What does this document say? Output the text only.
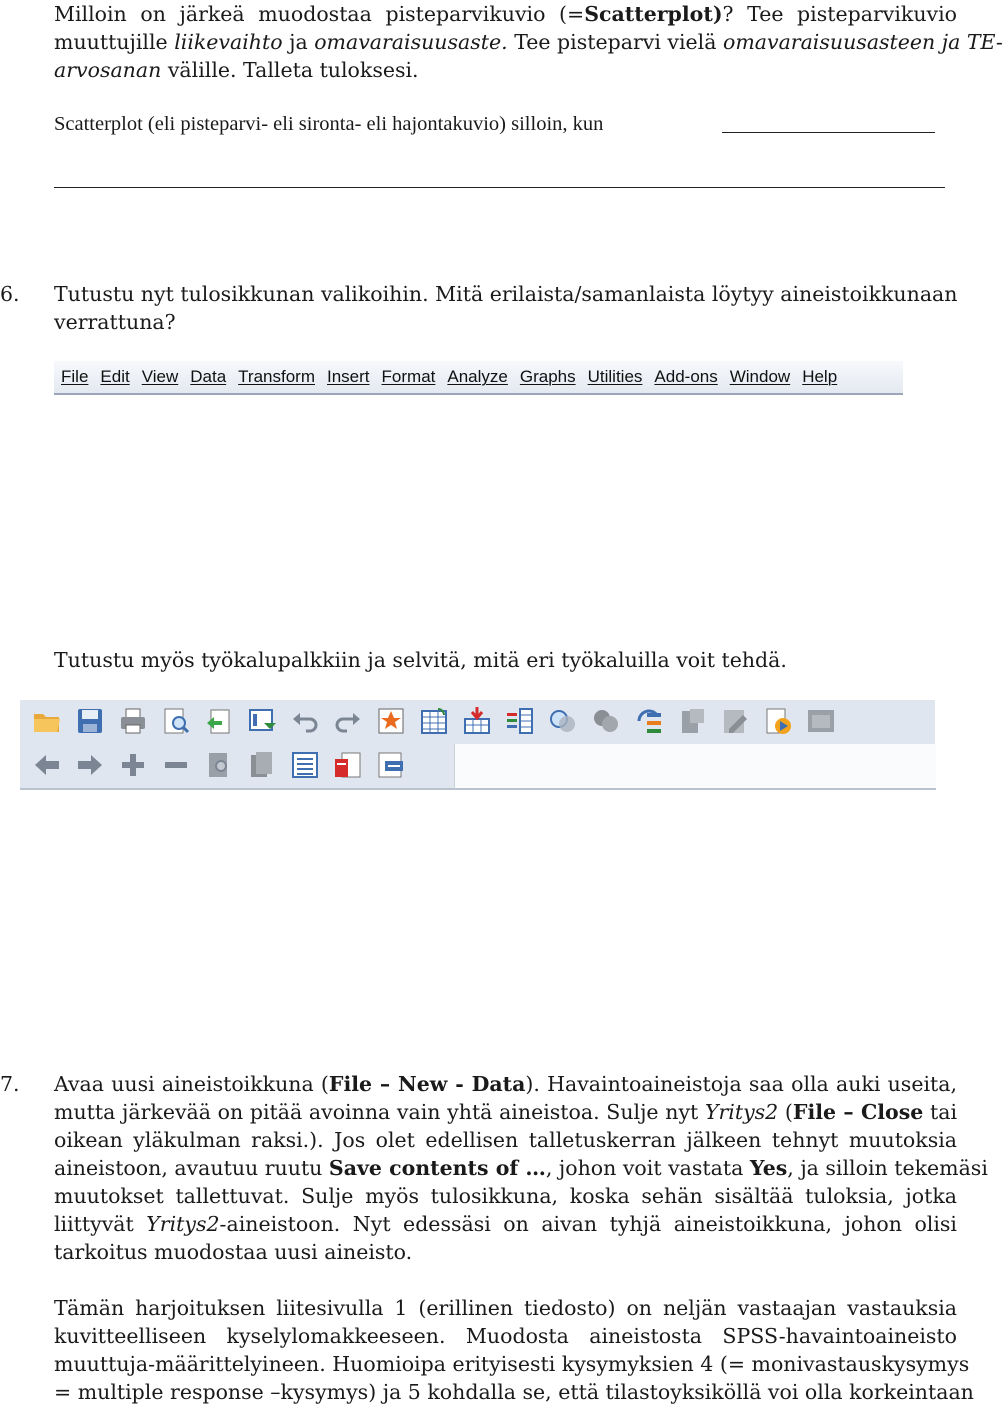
Milloin on järkeä muodostaa pisteparvikuvio (=Scatterplot)? Tee pisteparvikuvio
muuttujille liikevaihto ja omavaraisuusaste. Tee pisteparvi vielä omavaraisuusasteen ja TE-
arvosanan välille. Talleta tuloksesi.
Scatterplot (eli pisteparvi- eli sironta- eli hajontakuvio) silloin, kun
6. Tutustu nyt tulosikkunan valikoihin. Mitä erilaista/samanlaista löytyy aineistoikkunaan
verrattuna?
File Edit View Data Transform Insert Format Analyze Graphs Utilities Add-ons Window Help
Tutustu myös työkalupalkkiin ja selvitä, mitä eri työkaluilla voit tehdä.
7. Avaa uusi aineistoikkuna (File – New - Data). Havaintoaineistoja saa olla auki useita,
mutta järkevää on pitää avoinna vain yhtä aineistoa. Sulje nyt Yritys2 (File – Close tai
oikean yläkulman raksi.). Jos olet edellisen talletuskerran jälkeen tehnyt muutoksia
aineistoon, avautuu ruutu Save contents of …, johon voit vastata Yes, ja silloin tekemäsi
muutokset tallettuvat. Sulje myös tulosikkuna, koska sehän sisältää tuloksia, jotka
liittyvät Yritys2-aineistoon. Nyt edessäsi on aivan tyhjä aineistoikkuna, johon olisi
tarkoitus muodostaa uusi aineisto.
Tämän harjoituksen liitesivulla 1 (erillinen tiedosto) on neljän vastaajan vastauksia
kuvitteelliseen kyselylomakkeeseen. Muodosta aineistosta SPSS-havaintoaineisto
muuttuja-määrittelyineen. Huomioipa erityisesti kysymyksien 4 (= monivastauskysymys
= multiple response –kysymys) ja 5 kohdalla se, että tilastoyksiköllä voi olla korkeintaan
